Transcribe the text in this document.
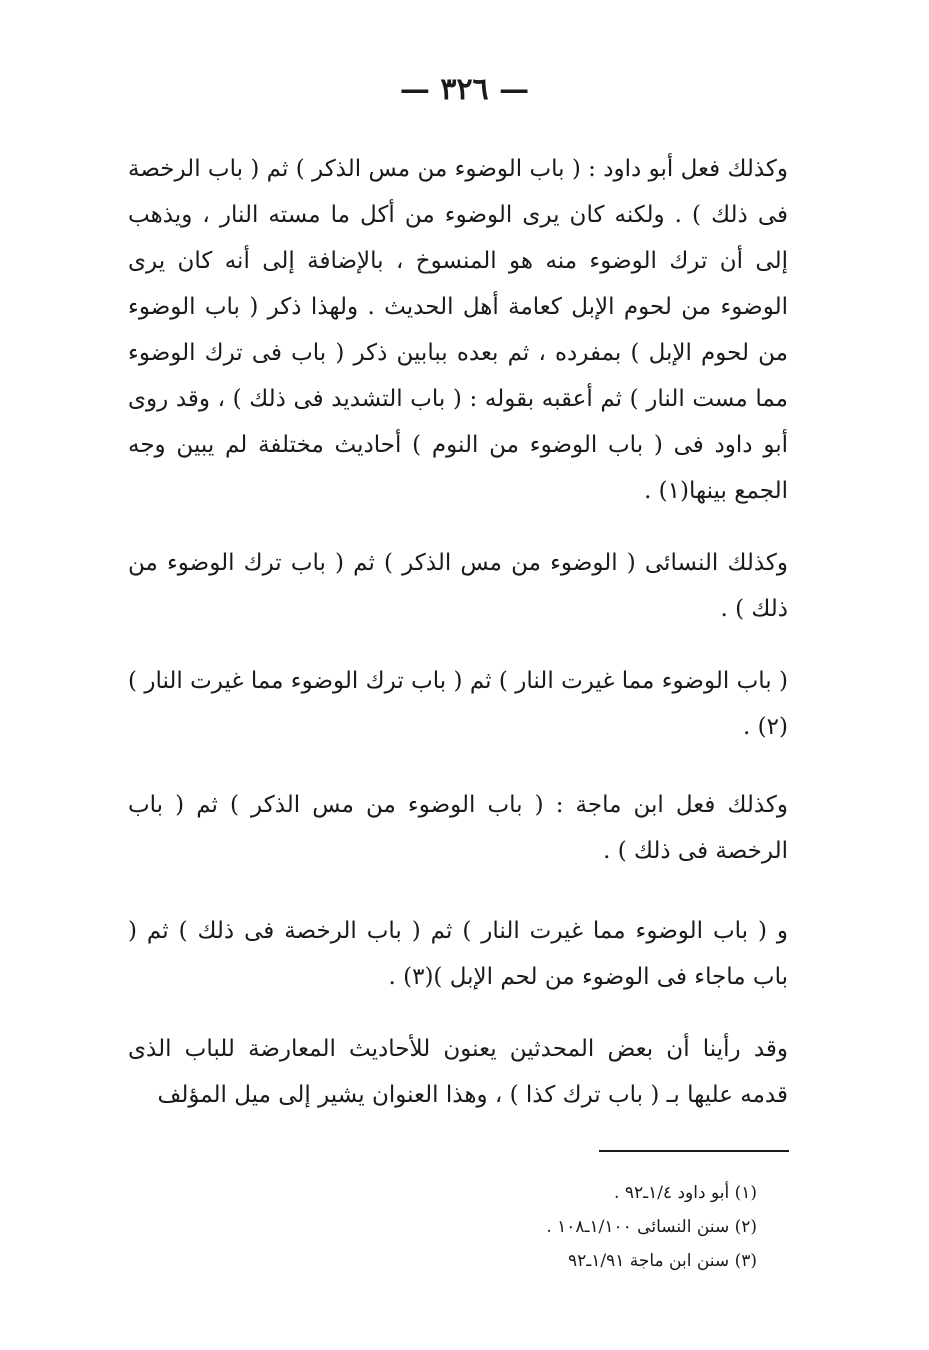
— ٣٢٦ —

وكذلك فعل أبو داود : ( باب الوضوء من مس الذكر ) ثم ( باب الرخصة فى ذلك ) . ولكنه كان يرى الوضوء من أكل ما مسته النار ، ويذهب إلى أن ترك الوضوء منه هو المنسوخ ، بالإضافة إلى أنه كان يرى الوضوء من لحوم الإبل كعامة أهل الحديث . ولهذا ذكر ( باب الوضوء من لحوم الإبل ) بمفرده ، ثم بعده ببابين ذكر ( باب فى ترك الوضوء مما مست النار ) ثم أعقبه بقوله : ( باب التشديد فى ذلك ) ، وقد روى أبو داود فى ( باب الوضوء من النوم ) أحاديث مختلفة لم يبين وجه الجمع بينها(١) .

وكذلك النسائى ( الوضوء من مس الذكر ) ثم ( باب ترك الوضوء من ذلك ) .

( باب الوضوء مما غيرت النار ) ثم ( باب ترك الوضوء مما غيرت النار )(٢) .

وكذلك فعل ابن ماجة : ( باب الوضوء من مس الذكر ) ثم ( باب الرخصة فى ذلك ) .

و ( باب الوضوء مما غيرت النار ) ثم ( باب الرخصة فى ذلك ) ثم ( باب ماجاء فى الوضوء من لحم الإبل )(٣) .

وقد رأينا أن بعض المحدثين يعنون للأحاديث المعارضة للباب الذى قدمه عليها بـ ( باب ترك كذا ) ، وهذا العنوان يشير إلى ميل المؤلف

(١) أبو داود ١/٤ـ٩٢ .
(٢) سنن النسائى ١/١٠٠ـ١٠٨ .
(٣) سنن ابن ماجة ١/٩١ـ٩٢
